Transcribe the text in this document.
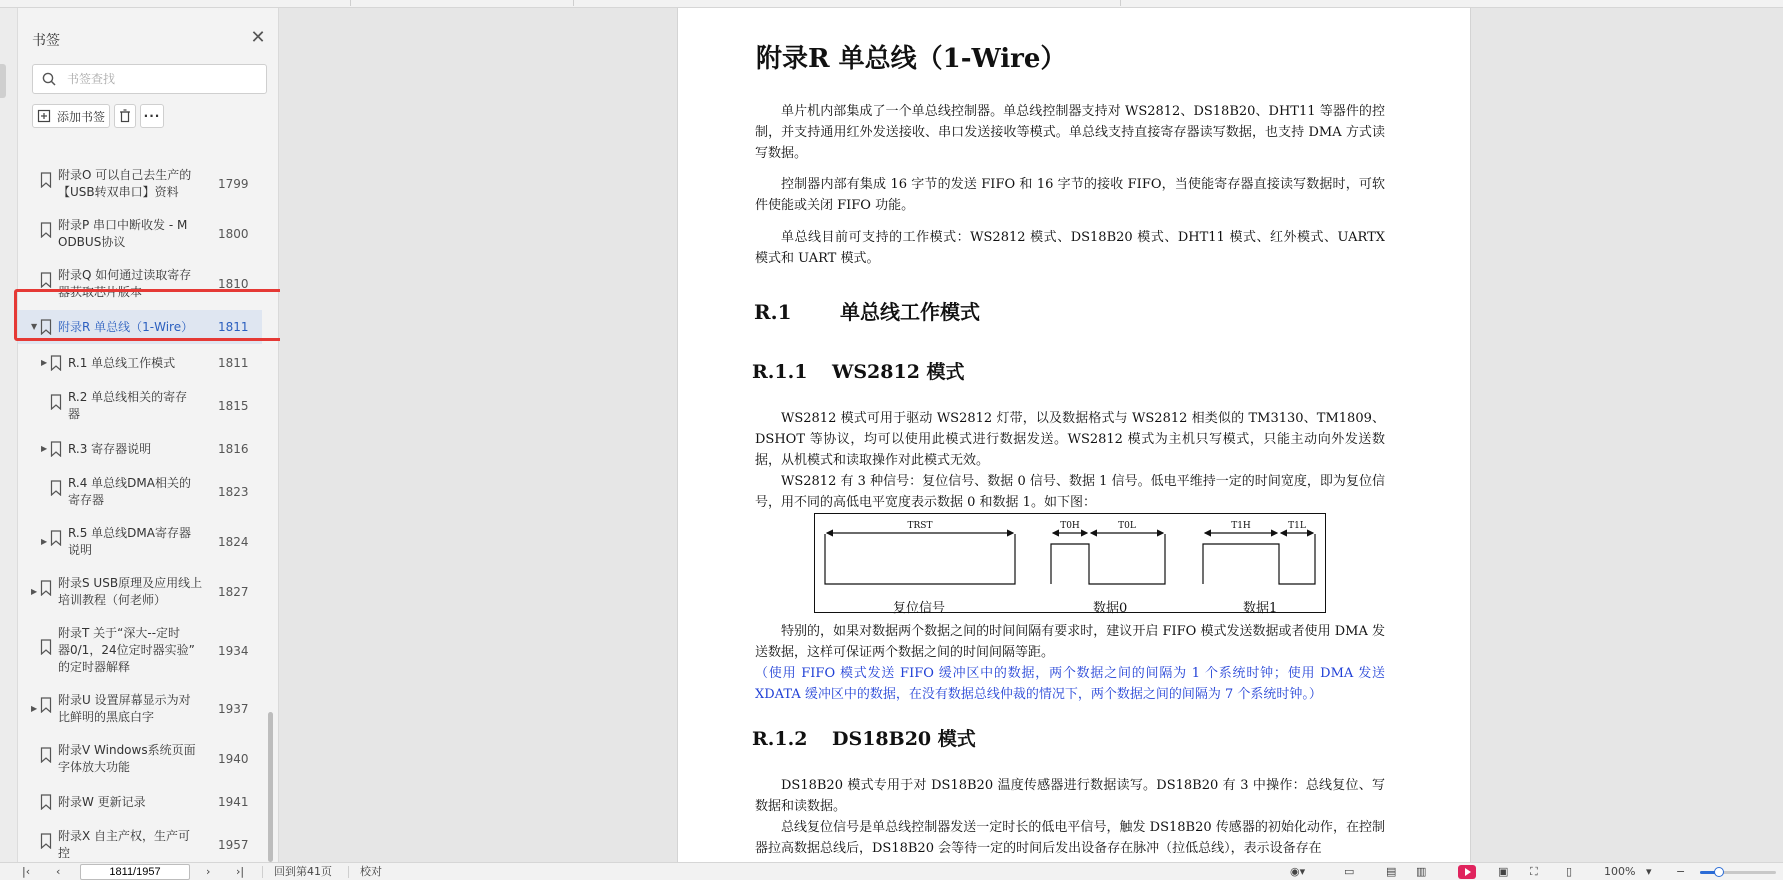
书签	✕
书签查找
添加书签	···
附录O 可以自己去生产的
【USB转双串口】资料
1799
附录P 串口中断收发 - M
ODBUS协议
1800
附录Q 如何通过读取寄存
器获取芯片版本
1810
▼ 附录R 单总线（1-Wire） 1811
▶ R.1 单总线工作模式	1811
R.2 单总线相关的寄存
器
1815
▶ R.3 寄存器说明	1816
R.4 单总线DMA相关的
寄存器
1823
▶
R.5 单总线DMA寄存器
说明
1824
▶
附录S USB原理及应用线上
培训教程（何老师）
1827
附录T 关于“深大--定时
器0/1，24位定时器实验”
的定时器解释
1934
▶
附录U 设置屏幕显示为对
比鲜明的黑底白字
1937
附录V Windows系统页面
字体放大功能
1940
附录W 更新记录	1941
附录X 自主产权，生产可
控
1957
附录R 单总线（1-Wire）
单片机内部集成了一个单总线控制器。单总线控制器支持对 WS2812、DS18B20、DHT11 等器件的控制，并支持通用红外发送接收、串口发送接收等模式。单总线支持直接寄存器读写数据，也支持 DMA 方式读写数据。
控制器内部有集成 16 字节的发送 FIFO 和 16 字节的接收 FIFO，当使能寄存器直接读写数据时，可软件使能或关闭 FIFO 功能。
单总线目前可支持的工作模式：WS2812 模式、DS18B20 模式、DHT11 模式、红外模式、UARTX 模式和 UART 模式。
R.1 单总线工作模式
R.1.1 WS2812 模式
WS2812 模式可用于驱动 WS2812 灯带，以及数据格式与 WS2812 相类似的 TM3130、TM1809、DSHOT 等协议，均可以使用此模式进行数据发送。WS2812 模式为主机只写模式，只能主动向外发送数据，从机模式和读取操作对此模式无效。
WS2812 有 3 种信号：复位信号、数据 0 信号、数据 1 信号。低电平维持一定的时间宽度，即为复位信号，用不同的高低电平宽度表示数据 0 和数据 1。如下图：
TRST	T0H	T0L	T1H	T1L
复位信号	数据0	数据1
特别的，如果对数据两个数据之间的时间间隔有要求时，建议开启 FIFO 模式发送数据或者使用 DMA 发送数据，这样可保证两个数据之间的时间间隔等距。
（使用 FIFO 模式发送 FIFO 缓冲区中的数据，两个数据之间的间隔为 1 个系统时钟；使用 DMA 发送 XDATA 缓冲区中的数据，在没有数据总线仲裁的情况下，两个数据之间的间隔为 7 个系统时钟。）
R.1.2 DS18B20 模式
DS18B20 模式专用于对 DS18B20 温度传感器进行数据读写。DS18B20 有 3 中操作：总线复位、写数据和读数据。
总线复位信号是单总线控制器发送一定时长的低电平信号，触发 DS18B20 传感器的初始化动作，在控制器拉高数据总线后，DS18B20 会等待一定的时间后发出设备存在脉冲（拉低总线），表示设备存在
|‹ ‹
1811/1957	› ›|	回到第41页	校对	◉▾	▭	▤ ▥	▣ ⛶	▯	100% ▾ −
